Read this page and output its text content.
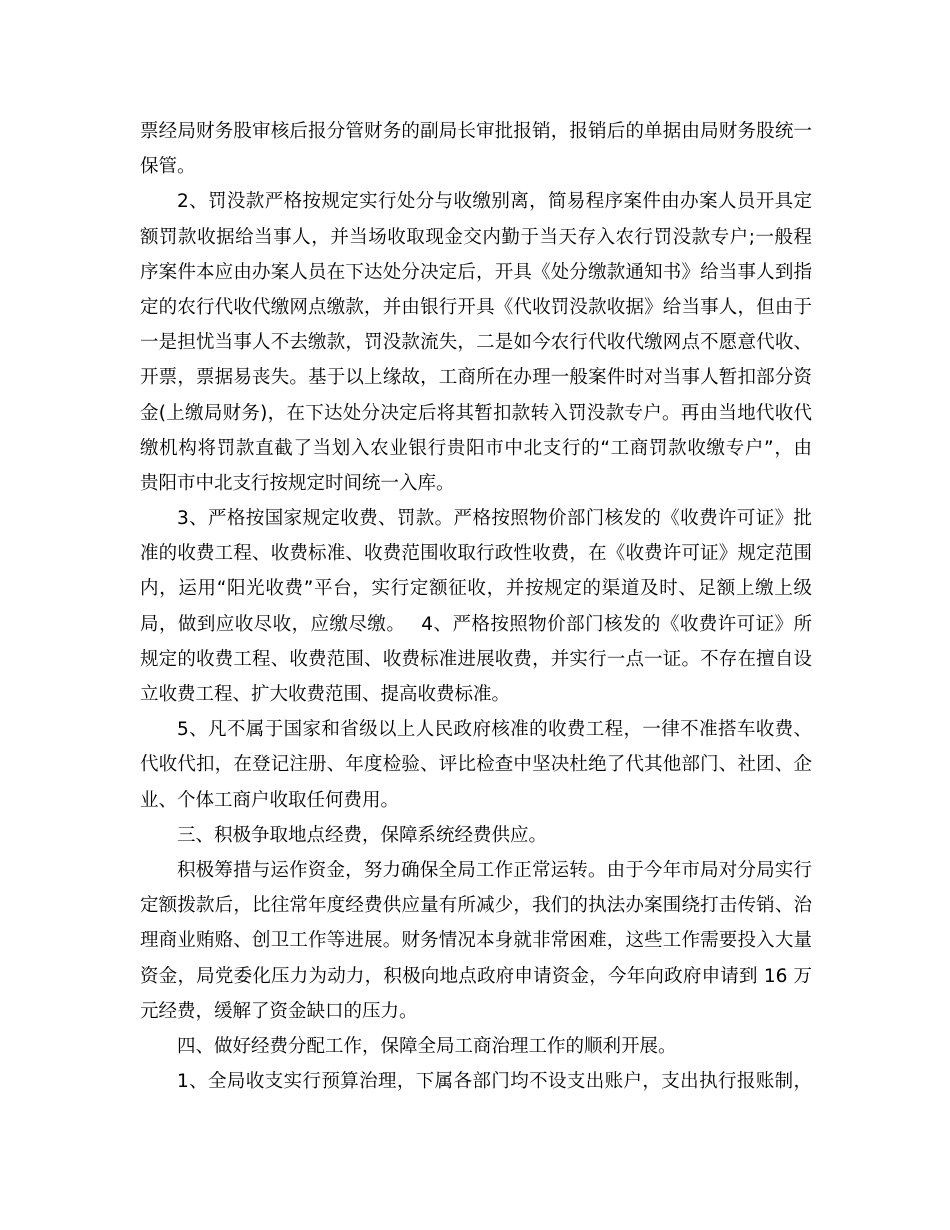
票经局财务股审核后报分管财务的副局长审批报销，报销后的单据由局财务股统一
保管。
2、罚没款严格按规定实行处分与收缴别离，简易程序案件由办案人员开具定
额罚款收据给当事人，并当场收取现金交内勤于当天存入农行罚没款专户;一般程
序案件本应由办案人员在下达处分决定后，开具《处分缴款通知书》给当事人到指
定的农行代收代缴网点缴款，并由银行开具《代收罚没款收据》给当事人，但由于
一是担忧当事人不去缴款，罚没款流失，二是如今农行代收代缴网点不愿意代收、
开票，票据易丧失。基于以上缘故，工商所在办理一般案件时对当事人暂扣部分资
金(上缴局财务)，在下达处分决定后将其暂扣款转入罚没款专户。再由当地代收代
缴机构将罚款直截了当划入农业银行贵阳市中北支行的“工商罚款收缴专户”，由
贵阳市中北支行按规定时间统一入库。
3、严格按国家规定收费、罚款。严格按照物价部门核发的《收费许可证》批
准的收费工程、收费标准、收费范围收取行政性收费，在《收费许可证》规定范围
内，运用“阳光收费”平台，实行定额征收，并按规定的渠道及时、足额上缴上级
局，做到应收尽收，应缴尽缴。　 4、严格按照物价部门核发的《收费许可证》所
规定的收费工程、收费范围、收费标准进展收费，并实行一点一证。不存在擅自设
立收费工程、扩大收费范围、提高收费标准。
5、凡不属于国家和省级以上人民政府核准的收费工程，一律不准搭车收费、
代收代扣，在登记注册、年度检验、评比检查中坚决杜绝了代其他部门、社团、企
业、个体工商户收取任何费用。
三、积极争取地点经费，保障系统经费供应。
积极筹措与运作资金，努力确保全局工作正常运转。由于今年市局对分局实行
定额拨款后，比往常年度经费供应量有所减少，我们的执法办案围绕打击传销、治
理商业贿赂、创卫工作等进展。财务情况本身就非常困难，这些工作需要投入大量
资金，局党委化压力为动力，积极向地点政府申请资金，今年向政府申请到 16 万
元经费，缓解了资金缺口的压力。
四、做好经费分配工作，保障全局工商治理工作的顺利开展。
1、全局收支实行预算治理，下属各部门均不设支出账户，支出执行报账制，
